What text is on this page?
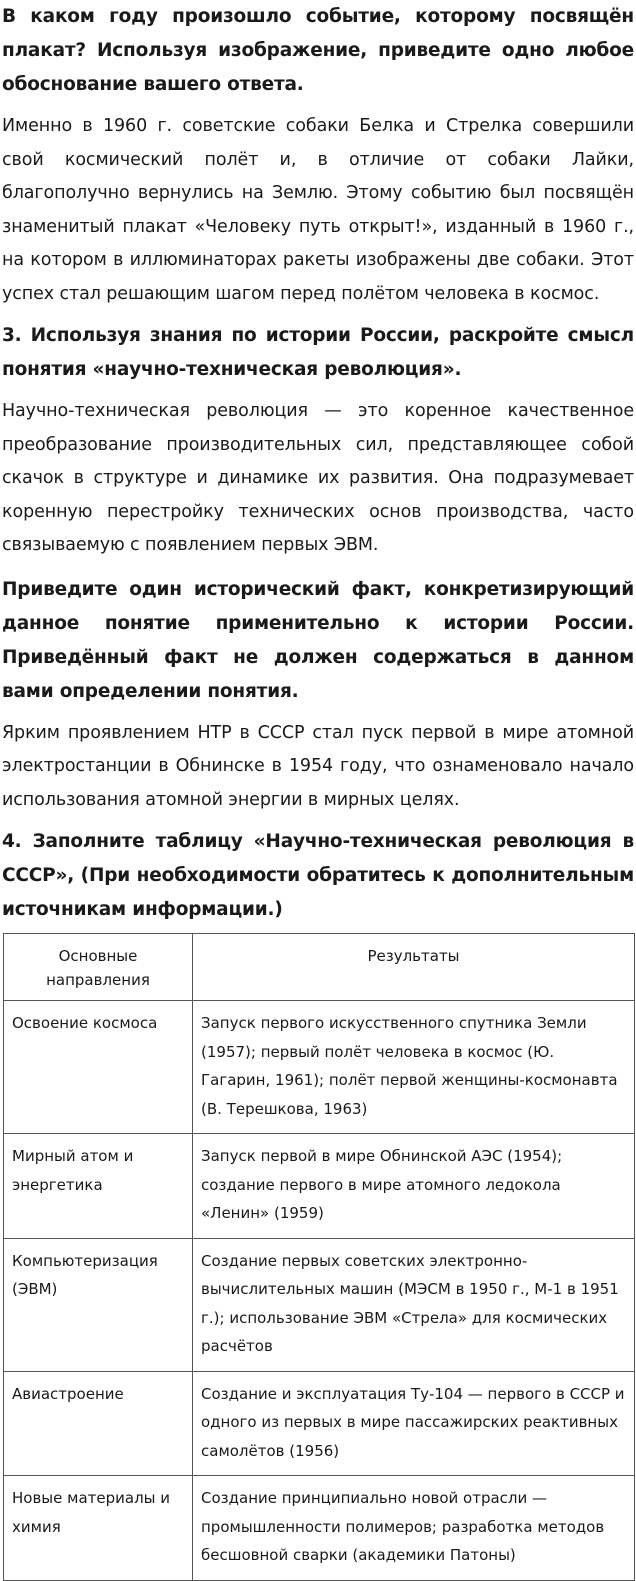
В каком году произошло событие, которому посвящён плакат? Используя изображение, приведите одно любое обоснование вашего ответа.

Именно в 1960 г. советские собаки Белка и Стрелка совершили свой космический полёт и, в отличие от собаки Лайки, благополучно вернулись на Землю. Этому событию был посвящён знаменитый плакат «Человеку путь открыт!», изданный в 1960 г., на котором в иллюминаторах ракеты изображены две собаки. Этот успех стал решающим шагом перед полётом человека в космос.

3. Используя знания по истории России, раскройте смысл понятия «научно-техническая революция».

Научно-техническая революция — это коренное качественное преобразование производительных сил, представляющее собой скачок в структуре и динамике их развития. Она подразумевает коренную перестройку технических основ производства, часто связываемую с появлением первых ЭВМ.

Приведите один исторический факт, конкретизирующий данное понятие применительно к истории России. Приведённый факт не должен содержаться в данном вами определении понятия.

Ярким проявлением НТР в СССР стал пуск первой в мире атомной электростанции в Обнинске в 1954 году, что ознаменовало начало использования атомной энергии в мирных целях.

4. Заполните таблицу «Научно-техническая революция в СССР», (При необходимости обратитесь к дополнительным источникам информации.)

Основные направления	Результаты
Освоение космоса	Запуск первого искусственного спутника Земли (1957); первый полёт человека в космос (Ю. Гагарин, 1961); полёт первой женщины-космонавта (В. Терешкова, 1963)
Мирный атом и энергетика	Запуск первой в мире Обнинской АЭС (1954); создание первого в мире атомного ледокола «Ленин» (1959)
Компьютеризация (ЭВМ)	Создание первых советских электронно-вычислительных машин (МЭСМ в 1950 г., М-1 в 1951 г.); использование ЭВМ «Стрела» для космических расчётов
Авиастроение	Создание и эксплуатация Ту-104 — первого в СССР и одного из первых в мире пассажирских реактивных самолётов (1956)
Новые материалы и химия	Создание принципиально новой отрасли — промышленности полимеров; разработка методов бесшовной сварки (академики Патоны)
